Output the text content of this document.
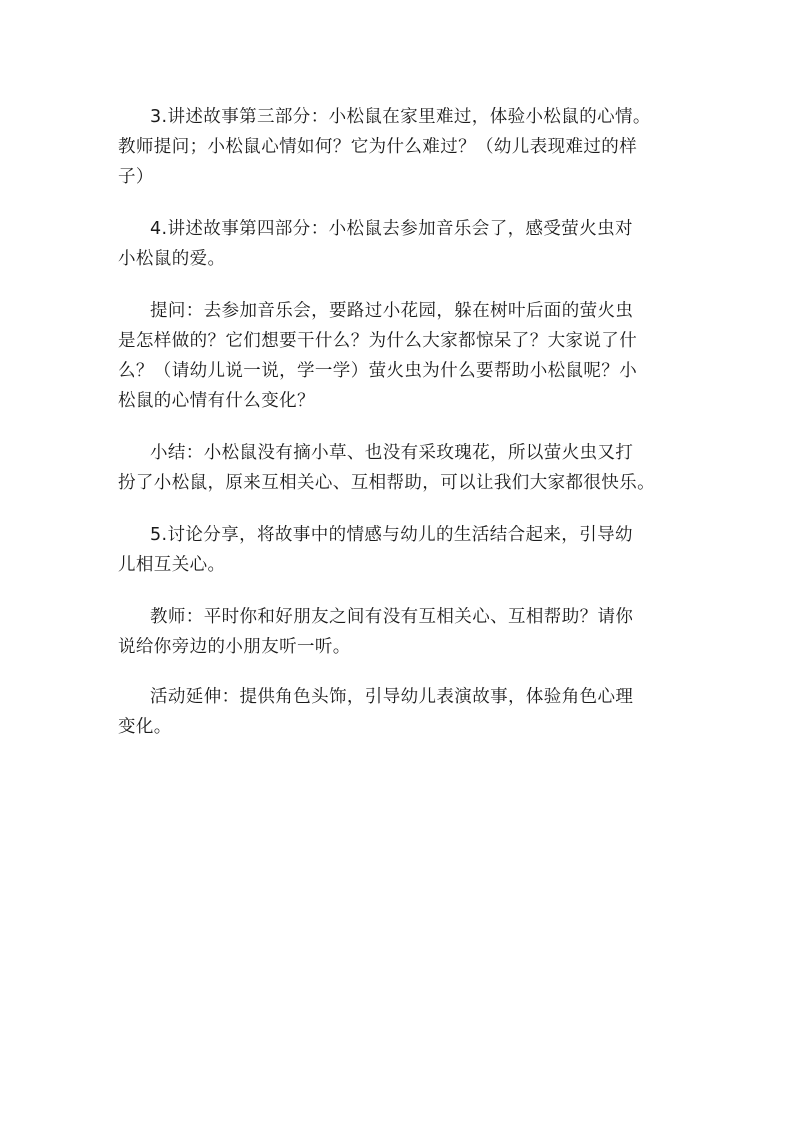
3.讲述故事第三部分：小松鼠在家里难过，体验小松鼠的心情。
教师提问；小松鼠心情如何？它为什么难过？（幼儿表现难过的样
子）

4.讲述故事第四部分：小松鼠去参加音乐会了，感受萤火虫对
小松鼠的爱。

提问：去参加音乐会，要路过小花园，躲在树叶后面的萤火虫
是怎样做的？它们想要干什么？为什么大家都惊呆了？大家说了什
么？（请幼儿说一说，学一学）萤火虫为什么要帮助小松鼠呢？小
松鼠的心情有什么变化？

小结：小松鼠没有摘小草、也没有采玫瑰花，所以萤火虫又打
扮了小松鼠，原来互相关心、互相帮助，可以让我们大家都很快乐。

5.讨论分享，将故事中的情感与幼儿的生活结合起来，引导幼
儿相互关心。

教师：平时你和好朋友之间有没有互相关心、互相帮助？请你
说给你旁边的小朋友听一听。

活动延伸：提供角色头饰，引导幼儿表演故事，体验角色心理
变化。
